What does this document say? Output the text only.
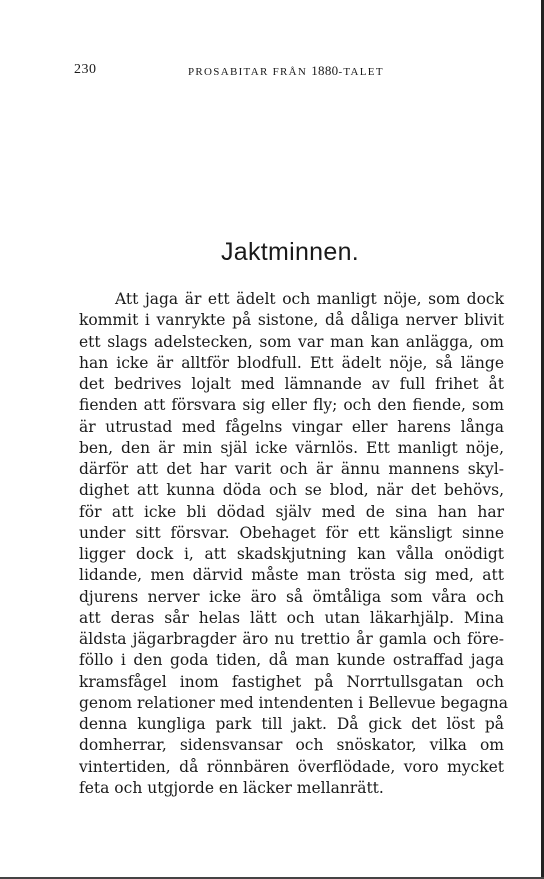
230	PROSABITAR FRÅN 1880-TALET
Jaktminnen.
Att jaga är ett ädelt och manligt nöje, som dock
kommit i vanrykte på sistone, då dåliga nerver blivit
ett slags adelstecken, som var man kan anlägga, om
han icke är alltför blodfull. Ett ädelt nöje, så länge
det bedrives lojalt med lämnande av full frihet åt
fienden att försvara sig eller fly; och den fiende, som
är utrustad med fågelns vingar eller harens långa
ben, den är min själ icke värnlös. Ett manligt nöje,
därför att det har varit och är ännu mannens skyl-
dighet att kunna döda och se blod, när det behövs,
för att icke bli dödad själv med de sina han har
under sitt försvar. Obehaget för ett känsligt sinne
ligger dock i, att skadskjutning kan vålla onödigt
lidande, men därvid måste man trösta sig med, att
djurens nerver icke äro så ömtåliga som våra och
att deras sår helas lätt och utan läkarhjälp. Mina
äldsta jägarbragder äro nu trettio år gamla och före-
föllo i den goda tiden, då man kunde ostraffad jaga
kramsfågel inom fastighet på Norrtullsgatan och
genom relationer med intendenten i Bellevue begagna
denna kungliga park till jakt. Då gick det löst på
domherrar, sidensvansar och snöskator, vilka om
vintertiden, då rönnbären överflödade, voro mycket
feta och utgjorde en läcker mellanrätt.
